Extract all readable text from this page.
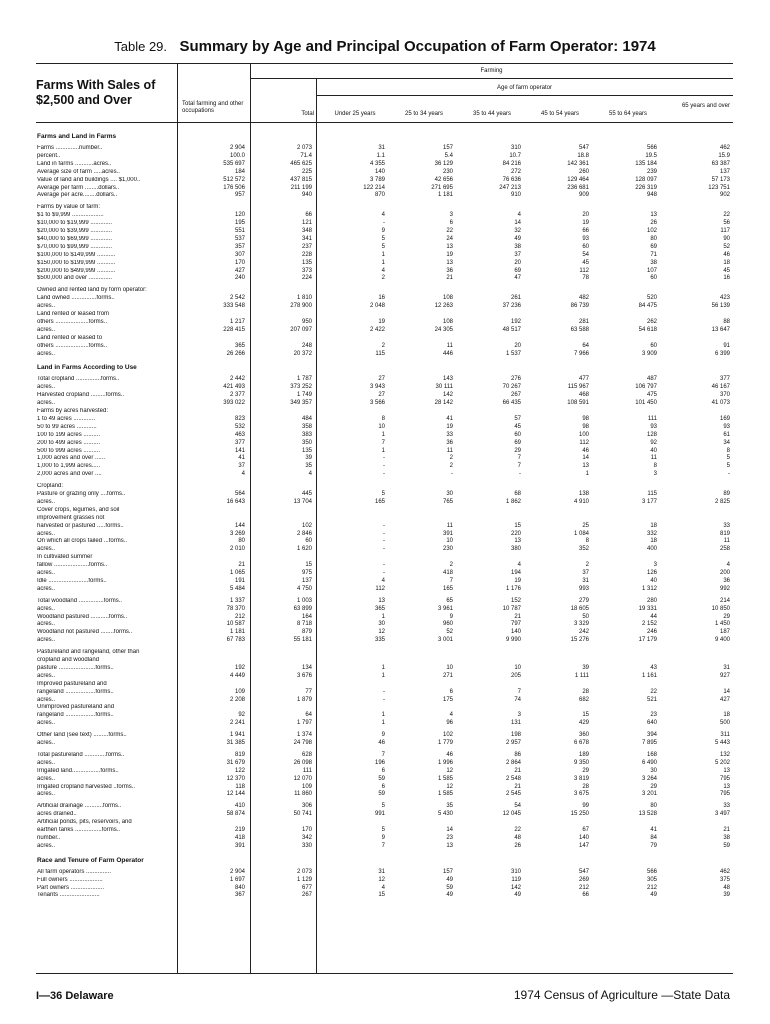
Table 29. Summary by Age and Principal Occupation of Farm Operator: 1974
Farms With Sales of $2,500 and Over
Farming
Age of farm operator
Total farming and other occupations	Total	Under 25 years	25 to 34 years	35 to 44 years	45 to 54 years	55 to 64 years
65 years and over
Farms and Land in Farms
Farms ..............number..	2 904	2 073	31	157	310	547	566	462
percent..	100.0	71.4	1.1	5.4	10.7	18.8	19.5	15.9
Land in farms ...........acres..	535 697	465 625	4 355	36 129	84 216	142 361	135 184	63 387
Average size of farm .....acres..	184	225	140	230	272	260	239	137
Value of land and buildings .... $1,000..	512 572	437 815	3 789	42 656	76 636	129 464	128 097	57 173
Average per farm ........dollars..	176 506	211 199	122 214	271 695	247 213	236 681	226 319	123 751
Average per acre........dollars..	957	940	870	1 181	910	909	948	902
Farms by value of farm:
$1 to $9,999 ...................	120	66	4	3	4	20	13	22
$10,000 to $19,999 .............	195	121	-	6	14	19	26	56
$20,000 to $39,999 .............	551	348	9	22	32	66	102	117
$40,000 to $69,999 .............	537	341	5	24	49	93	80	90
$70,000 to $99,999 .............	357	237	5	13	38	60	69	52
$100,000 to $149,999 ...........	307	228	1	19	37	54	71	46
$150,000 to $199,999 ...........	170	135	1	13	20	45	38	18
$200,000 to $499,999 ...........	427	373	4	36	69	112	107	45
$500,000 and over ..............	240	224	2	21	47	78	60	16
Owned and rented land by form operator:
Land owned ...............forms..	2 542	1 810	16	108	261	482	520	423
acres..	333 548	278 900	2 048	12 263	37 236	86 739	84 475	56 139
Land rented or leased from
others ....................forms..	1 217	950	19	108	192	281	262	88
acres..	228 415	207 097	2 422	24 305	48 517	63 588	54 618	13 647
Land rented or leased to
others ....................forms..	365	248	2	11	20	64	60	91
acres..	26 266	20 372	115	446	1 537	7 966	3 909	6 399
Land in Farms According to Use
Total cropland ...............forms..	2 442	1 787	27	143	276	477	487	377
acres..	421 493	373 252	3 943	30 111	70 267	115 967	106 797	46 167
Harvested cropland .........forms..	2 377	1 749	27	142	267	468	475	370
acres..	393 022	349 357	3 566	28 142	66 435	108 591	101 450	41 073
Farms by acres harvested:
1 to 49 acres .............	823	484	8	41	57	98	111	169
50 to 99 acres ............	532	358	10	19	45	98	93	93
100 to 199 acres ..........	463	383	1	33	60	100	128	61
200 to 499 acres ..........	377	350	7	36	69	112	92	34
500 to 999 acres ..........	141	135	1	11	29	46	40	8
1,000 acres and over ......	41	39	-	2	7	14	11	5
1,000 to 1,999 acres.....	37	35	-	2	7	13	8	5
2,000 acres and over ....	4	4	-	-	-	1	3	-
Cropland:
Pasture or grazing only ....forms..	564	445	5	30	68	138	115	89
acres..	16 643	13 704	165	765	1 862	4 910	3 177	2 825
Cover crops, legumes, and soil
improvement grasses not
harvested or pastured .....forms..	144	102	-	11	15	25	18	33
acres..	3 269	2 846	-	391	220	1 084	332	819
On which all crops failed ...forms..	80	60	-	10	13	8	18	11
acres..	2 010	1 620	-	230	380	352	400	258
In cultivated summer
fallow .....................forms..	21	15	-	2	4	2	3	4
acres..	1 065	975	-	418	194	37	126	200
Idle ........................forms..	191	137	4	7	19	31	40	36
acres..	5 484	4 750	112	165	1 176	993	1 312	992
Total woodland ...............forms..	1 337	1 003	13	65	152	279	280	214
acres..	78 370	63 899	365	3 961	10 787	18 605	19 331	10 850
Woodland pastured ...........forms..	212	164	1	9	21	50	44	29
acres..	10 587	8 718	30	960	797	3 329	2 152	1 450
Woodland not pastured ........forms..	1 181	879	12	52	140	242	246	187
acres..	67 783	55 181	335	3 001	9 990	15 276	17 179	9 400
Pastureland and rangeland, other than
cropland and woodland
pasture ......................forms..	192	134	1	10	10	39	43	31
acres..	4 449	3 676	1	271	205	1 111	1 161	927
Improved pastureland and
rangeland ..................forms..	109	77	-	6	7	28	22	14
acres..	2 208	1 879	-	175	74	682	521	427
Unimproved pastureland and
rangeland ..................forms..	92	64	1	4	3	15	23	18
acres..	2 241	1 797	1	96	131	429	640	500
Other land (see text) .........forms..	1 941	1 374	9	102	198	360	394	311
acres..	31 385	24 798	46	1 779	2 957	6 678	7 895	5 443
Total pastureland .............forms..	819	628	7	46	86	189	168	132
acres..	31 679	26 098	196	1 996	2 864	9 350	6 490	5 202
Irrigated land.................forms..	122	111	6	12	21	29	30	13
acres..	12 370	12 070	59	1 585	2 548	3 819	3 264	795
Irrigated cropland harvested ..forms..	118	109	6	12	21	28	29	13
acres..	12 144	11 860	59	1 585	2 545	3 675	3 201	795
Artificial drainage ...........forms..	410	306	5	35	54	99	80	33
acres drained..	58 874	50 741	991	5 430	12 045	15 250	13 528	3 497
Artificial ponds, pits, reservoirs, and
earthen tanks ................forms..	219	170	5	14	22	67	41	21
number..	418	342	9	23	48	140	84	38
acres..	391	330	7	13	26	147	79	59
Race and Tenure of Farm Operator
All farm operators ...............	2 904	2 073	31	157	310	547	566	462
Full owners ....................	1 697	1 129	12	49	119	269	305	375
Part owners ....................	840	677	4	59	142	212	212	48
Tenants ........................	367	267	15	49	49	66	49	39
I—36 Delaware	1974 Census of Agriculture —State Data
